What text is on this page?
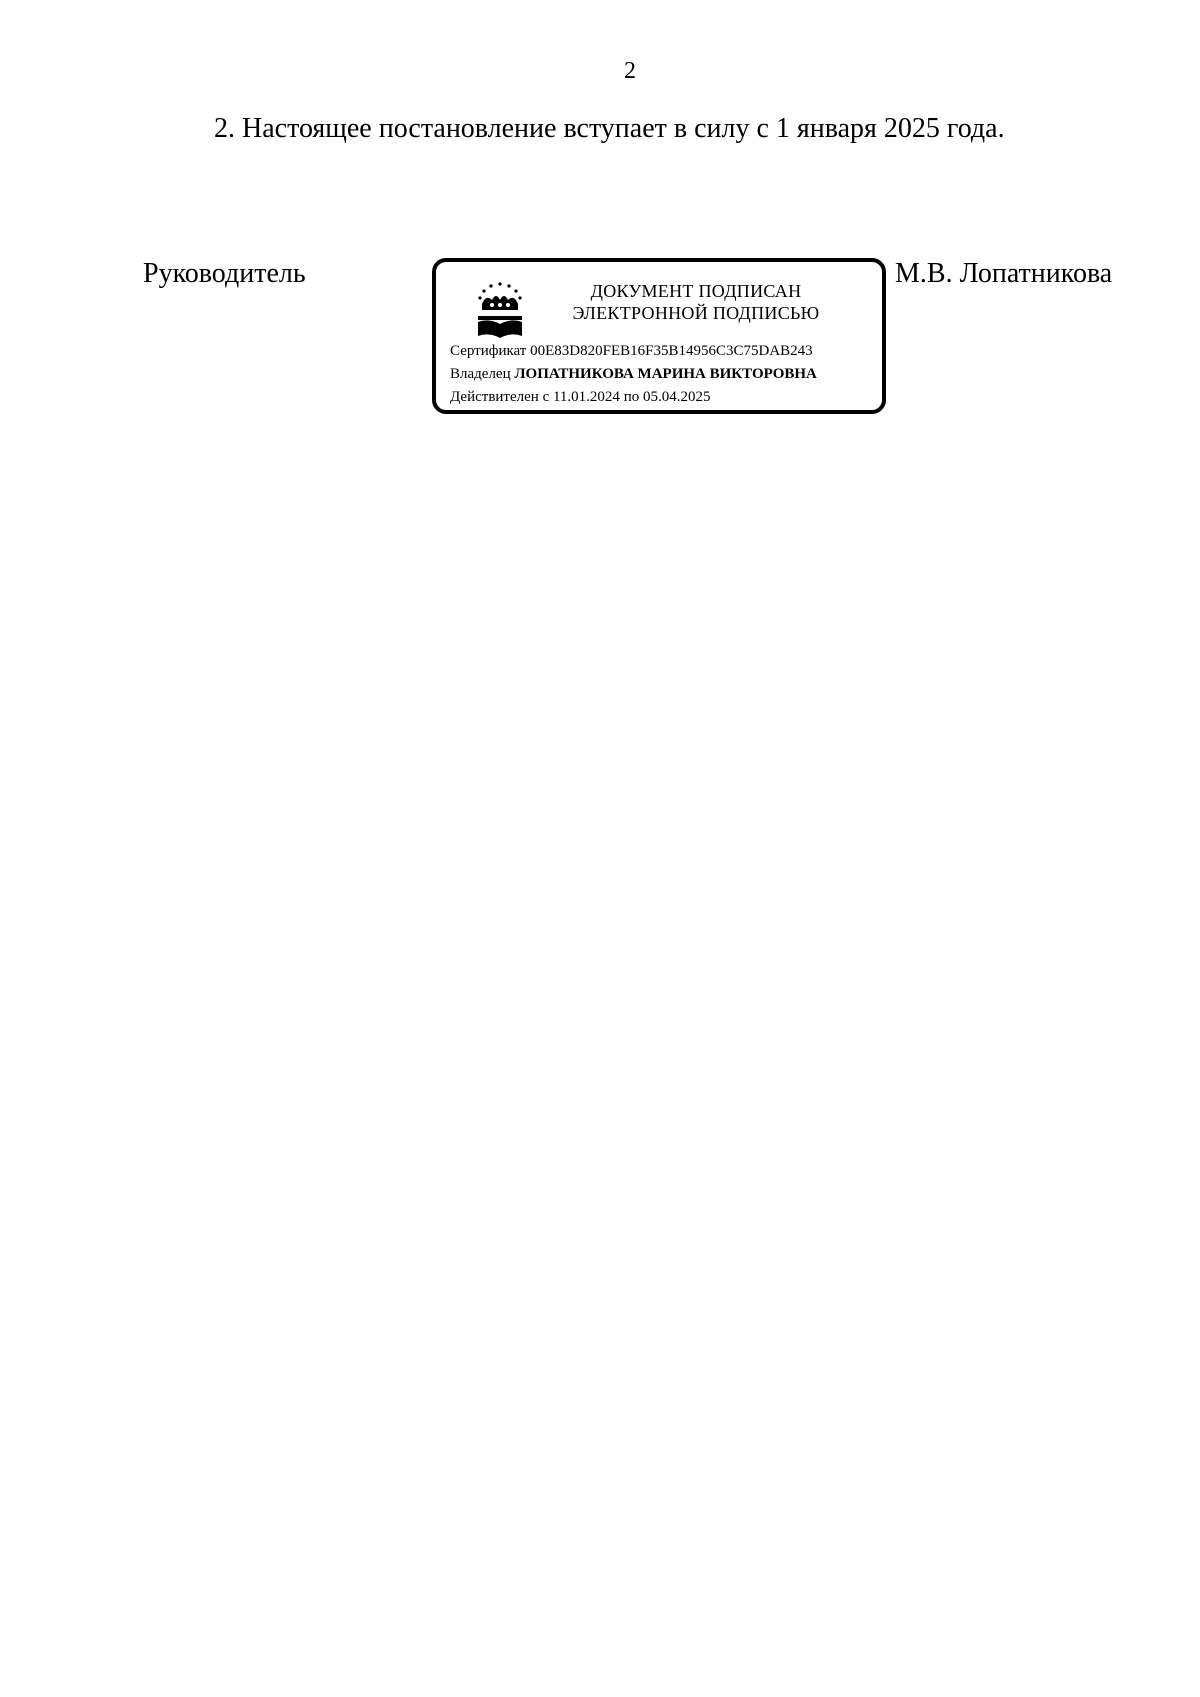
2
2. Настоящее постановление вступает в силу с 1 января 2025 года.
Руководитель
ДОКУМЕНТ ПОДПИСАН
ЭЛЕКТРОННОЙ ПОДПИСЬЮ
Сертификат 00E83D820FEB16F35B14956C3C75DAB243
Владелец ЛОПАТНИКОВА МАРИНА ВИКТОРОВНА
Действителен с 11.01.2024 по 05.04.2025
М.В. Лопатникова
